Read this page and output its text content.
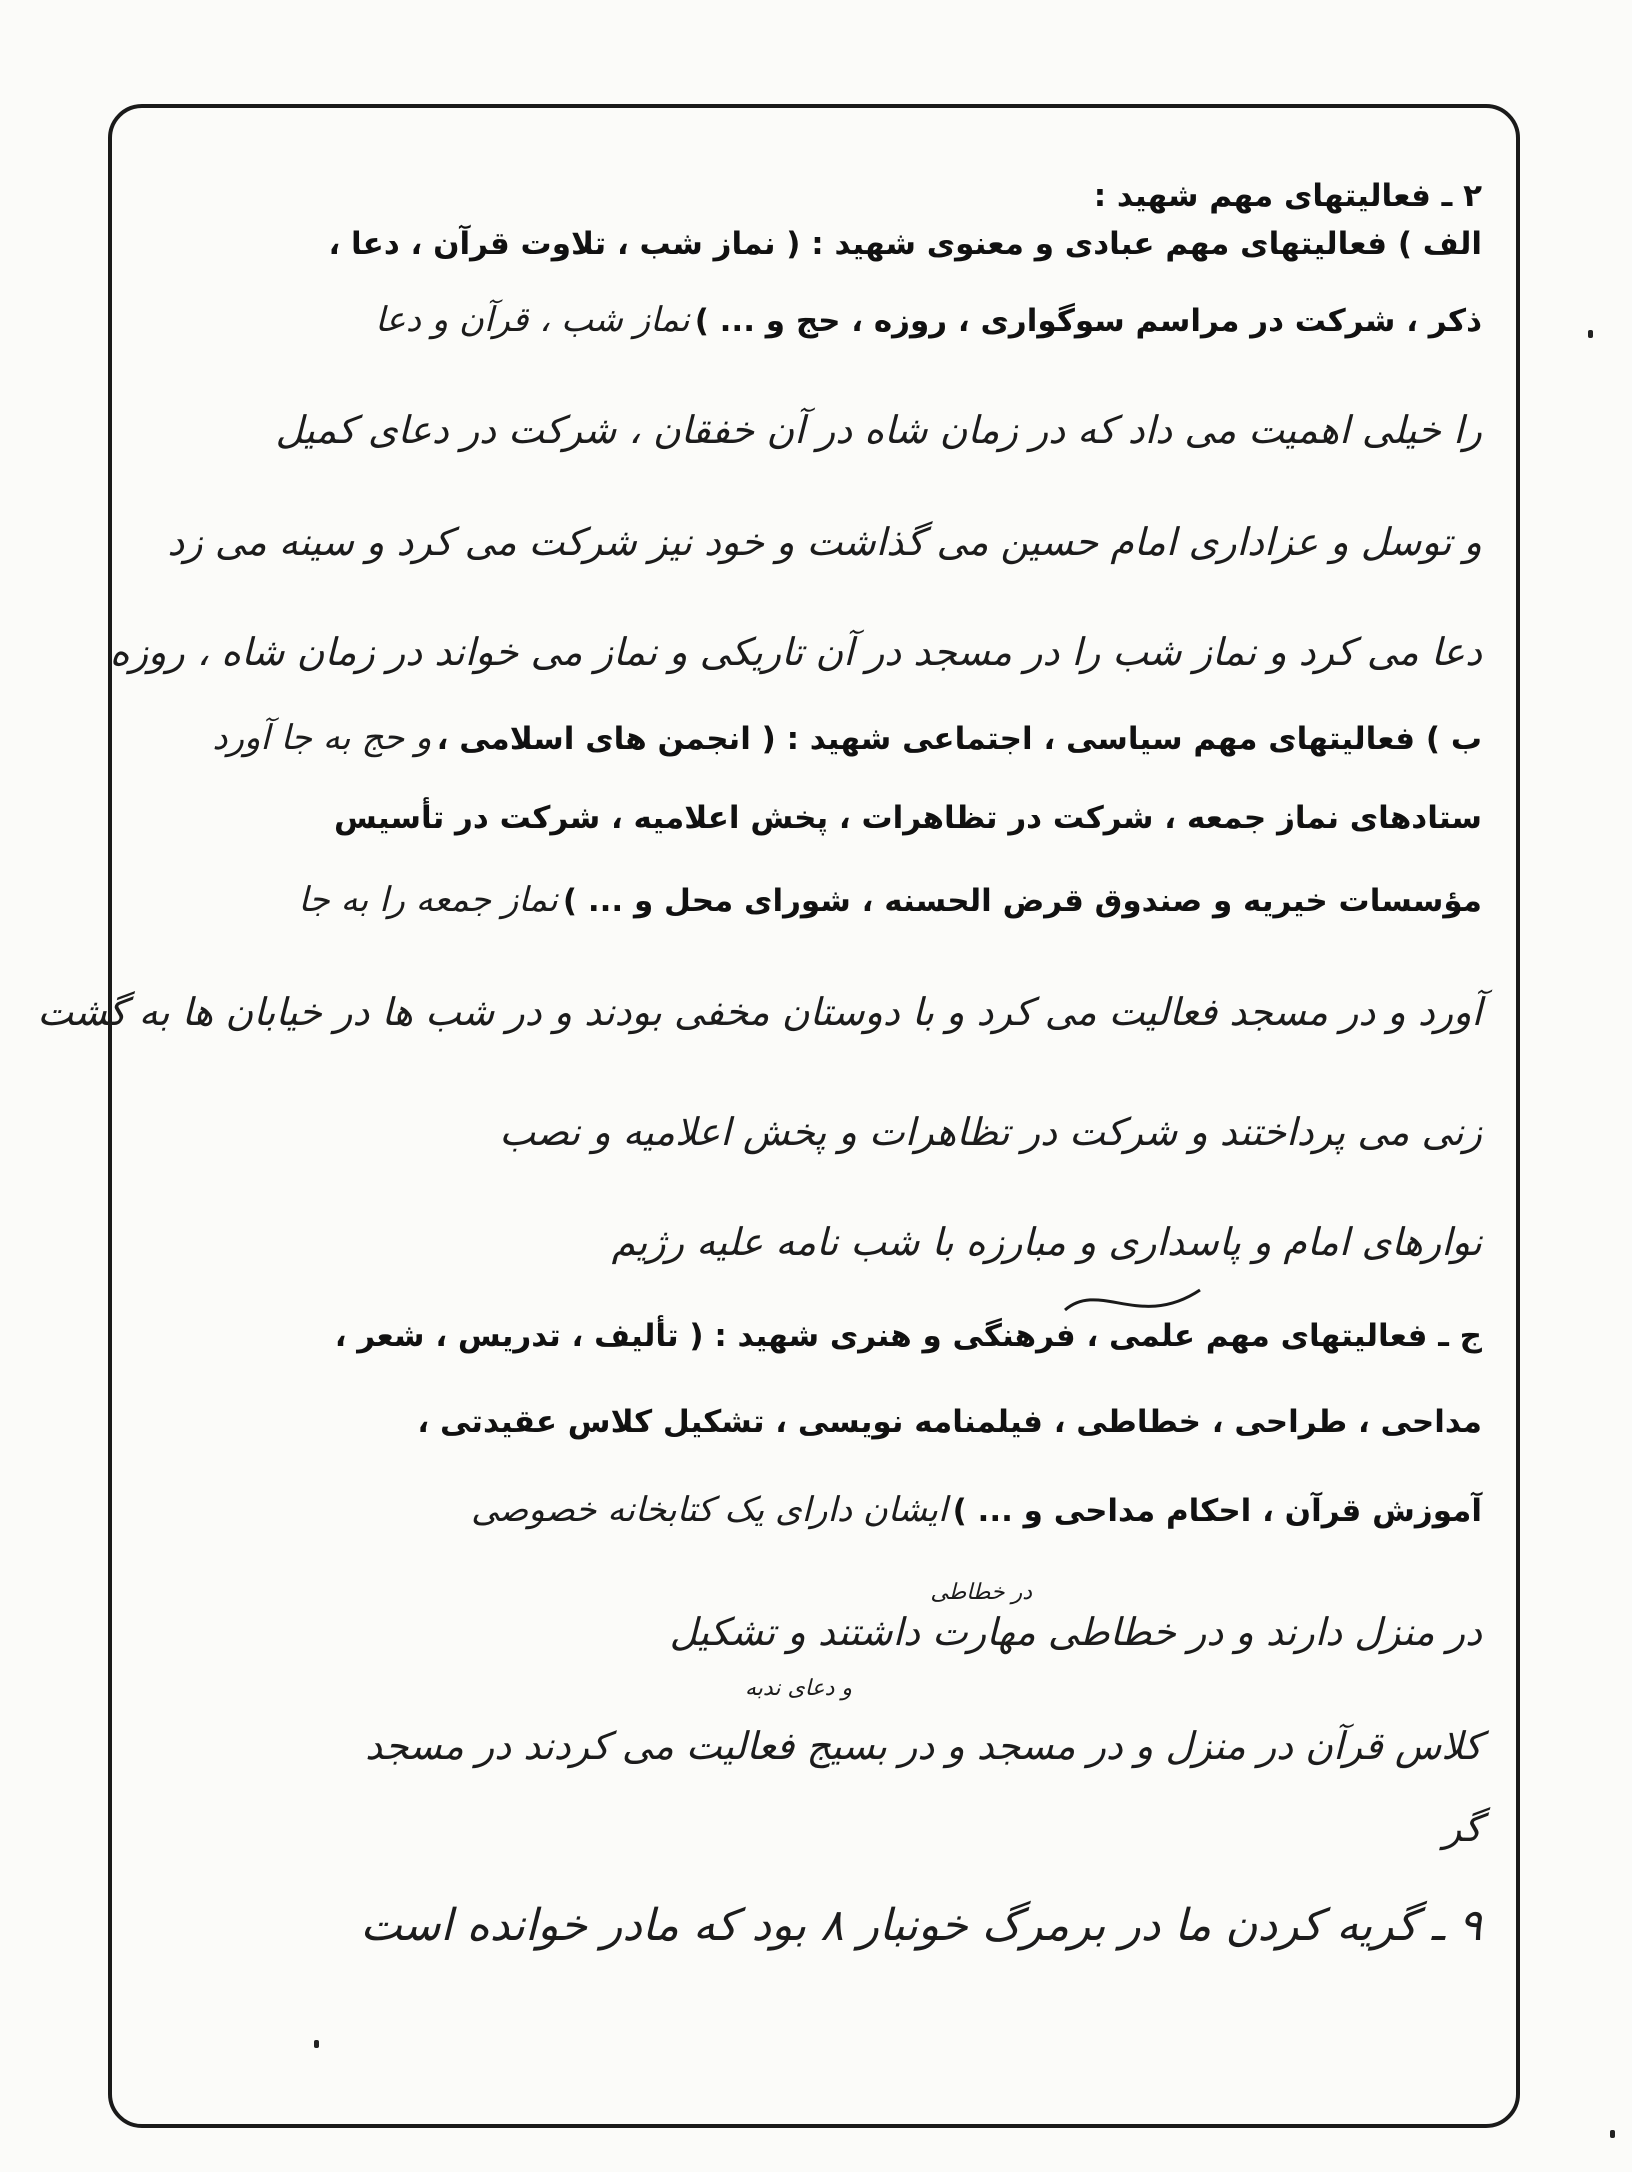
۲ ـ فعالیتهای مهم شهید :
الف ) فعالیتهای مهم عبادی و معنوی شهید : ( نماز شب ، تلاوت قرآن ، دعا ،
ذکر ، شرکت در مراسم سوگواری ، روزه ، حج و ... ) نماز شب ، قرآن و دعا
را خیلی اهمیت می داد که در زمان شاه در آن خفقان ، شرکت در دعای کمیل
و توسل و عزاداری امام حسین می گذاشت و خود نیز شرکت می کرد و سینه می زد
دعا می کرد و نماز شب را در مسجد در آن تاریکی و نماز می خواند در زمان شاه ، روزه
ب ) فعالیتهای مهم سیاسی ، اجتماعی شهید : ( انجمن های اسلامی ، و حج به جا آورد
ستادهای نماز جمعه ، شرکت در تظاهرات ، پخش اعلامیه ، شرکت در تأسیس
مؤسسات خیریه و صندوق قرض الحسنه ، شورای محل و ... ) نماز جمعه را به جا
آورد و در مسجد فعالیت می کرد و با دوستان مخفی بودند و در شب ها در خیابان ها به گشت
زنی می پرداختند و شرکت در تظاهرات و پخش اعلامیه و نصب
نوارهای امام و پاسداری و مبارزه با شب نامه علیه رژیم
ج ـ فعالیتهای مهم علمی ، فرهنگی و هنری شهید : ( تألیف ، تدریس ، شعر ،
مداحی ، طراحی ، خطاطی ، فیلمنامه نویسی ، تشکیل کلاس عقیدتی ،
آموزش قرآن ، احکام مداحی و ... ) ایشان دارای یک کتابخانه خصوصی
در خطاطی
در منزل دارند و در خطاطی مهارت داشتند و تشکیل
و دعای ندبه
کلاس قرآن در منزل و در مسجد و در بسیج فعالیت می کردند در مسجد
گر
۹ ـ گریه کردن ما در برمرگ خونبار ۸ بود که مادر خوانده است
